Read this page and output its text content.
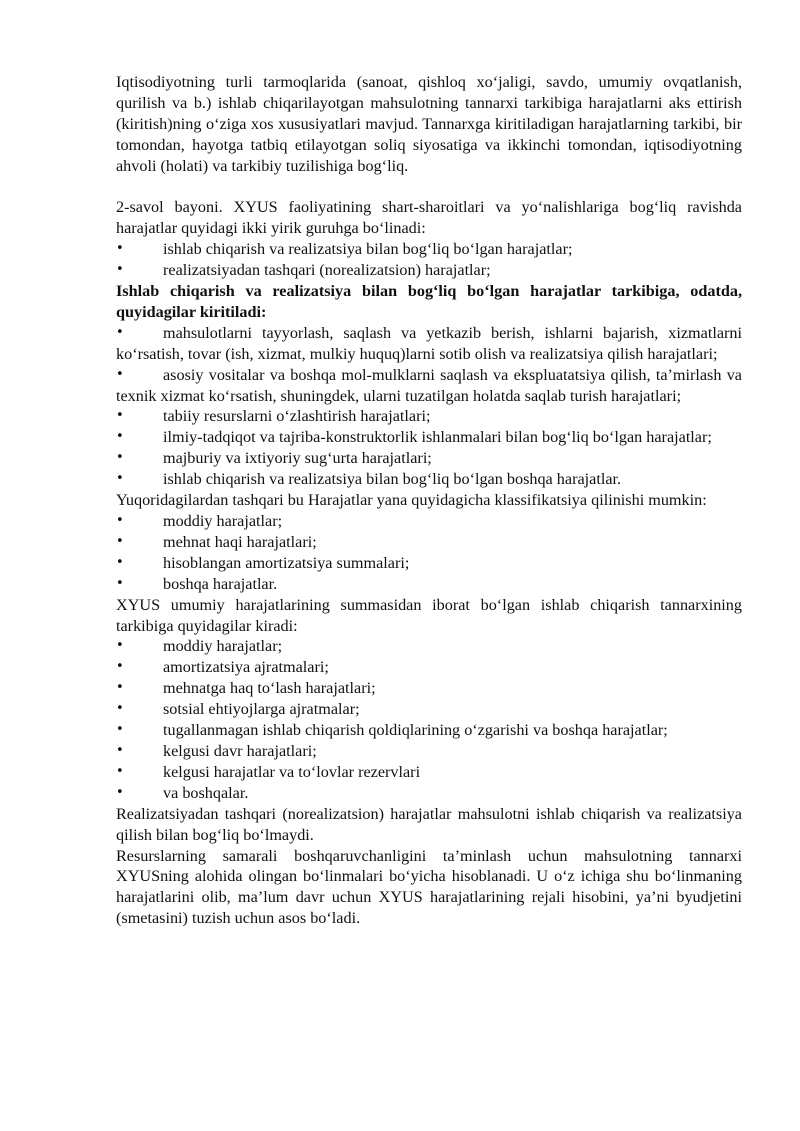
Iqtisodiyotning turli tarmoqlarida (sanoat, qishloq xo‘jaligi, savdo, umumiy ovqatlanish, qurilish va b.) ishlab chiqarilayotgan mahsulotning tannarxi tarkibiga harajatlarni aks ettirish (kiritish)ning o‘ziga xos xususiyatlari mavjud. Tannarxga kiritiladigan harajatlarning tarkibi, bir tomondan, hayotga tatbiq etilayotgan soliq siyosatiga va ikkinchi tomondan, iqtisodiyotning ahvoli (holati) va tarkibiy tuzilishiga bog‘liq.

2-savol bayoni. XYUS faoliyatining shart-sharoitlari va yo‘nalishlariga bog‘liq ravishda harajatlar quyidagi ikki yirik guruhga bo‘linadi:

• ishlab chiqarish va realizatsiya bilan bog‘liq bo‘lgan harajatlar;
• realizatsiyadan tashqari (norealizatsion) harajatlar;

Ishlab chiqarish va realizatsiya bilan bog‘liq bo‘lgan harajatlar tarkibiga, odatda, quyidagilar kiritiladi:

• mahsulotlarni tayyorlash, saqlash va yetkazib berish, ishlarni bajarish, xizmatlarni ko‘rsatish, tovar (ish, xizmat, mulkiy huquq)larni sotib olish va realizatsiya qilish harajatlari;
• asosiy vositalar va boshqa mol-mulklarni saqlash va ekspluatatsiya qilish, ta’mirlash va texnik xizmat ko‘rsatish, shuningdek, ularni tuzatilgan holatda saqlab turish harajatlari;
• tabiiy resurslarni o‘zlashtirish harajatlari;
• ilmiy-tadqiqot va tajriba-konstruktorlik ishlanmalari bilan bog‘liq bo‘lgan harajatlar;
• majburiy va ixtiyoriy sug‘urta harajatlari;
• ishlab chiqarish va realizatsiya bilan bog‘liq bo‘lgan boshqa harajatlar.

Yuqoridagilardan tashqari bu Harajatlar yana quyidagicha klassifikatsiya qilinishi mumkin:

• moddiy harajatlar;
• mehnat haqi harajatlari;
• hisoblangan amortizatsiya summalari;
• boshqa harajatlar.

XYUS umumiy harajatlarining summasidan iborat bo‘lgan ishlab chiqarish tannarxining tarkibiga quyidagilar kiradi:

• moddiy harajatlar;
• amortizatsiya ajratmalari;
• mehnatga haq to‘lash harajatlari;
• sotsial ehtiyojlarga ajratmalar;
• tugallanmagan ishlab chiqarish qoldiqlarining o‘zgarishi va boshqa harajatlar;
• kelgusi davr harajatlari;
• kelgusi harajatlar va to‘lovlar rezervlari
• va boshqalar.

Realizatsiyadan tashqari (norealizatsion) harajatlar mahsulotni ishlab chiqarish va realizatsiya qilish bilan bog‘liq bo‘lmaydi.

Resurslarning samarali boshqaruvchanligini ta’minlash uchun mahsulotning tannarxi XYUSning alohida olingan bo‘linmalari bo‘yicha hisoblanadi. U o‘z ichiga shu bo‘linmaning harajatlarini olib, ma’lum davr uchun XYUS harajatlarining rejali hisobini, ya’ni byudjetini (smetasini) tuzish uchun asos bo‘ladi.
